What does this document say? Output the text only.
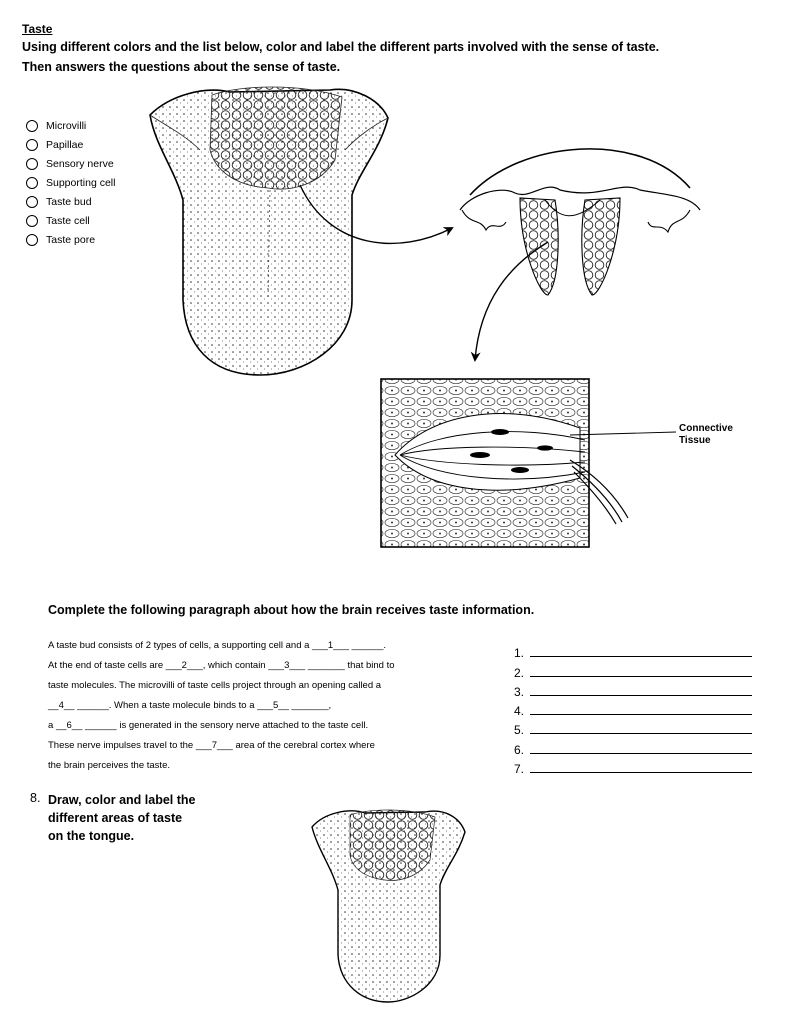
Taste
Using different colors and the list below, color and label the different parts involved with the sense of taste.
Then answers the questions about the sense of taste.
Microvilli
Papillae
Sensory nerve
Supporting cell
Taste bud
Taste cell
Taste pore
Connective
Tissue
Complete the following paragraph about how the brain receives taste information.
A taste bud consists of 2 types of cells, a supporting cell and a ___1___ ______.
At the end of taste cells are ___2___, which contain ___3___ _______ that bind to
taste molecules. The microvilli of taste cells project through an opening called a
__4__ ______. When a taste molecule binds to a ___5__ _______,
a __6__ ______ is generated in the sensory nerve attached to the taste cell.
These nerve impulses travel to the ___7___ area of the cerebral cortex where
the brain perceives the taste.
1.
2.
3.
4.
5.
6.
7.
8. Draw, color and label the
different areas of taste
on the tongue.
